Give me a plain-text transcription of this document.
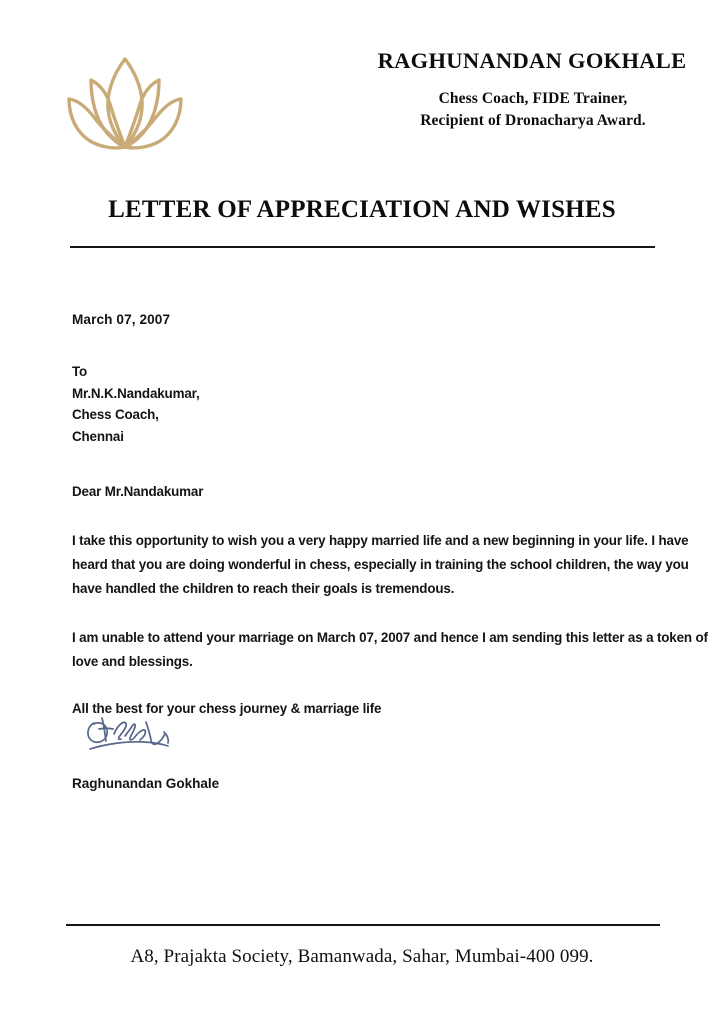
RAGHUNANDAN GOKHALE
Chess Coach, FIDE Trainer,
Recipient of Dronacharya Award.
LETTER OF APPRECIATION AND WISHES
March 07, 2007
To
Mr.N.K.Nandakumar,
Chess Coach,
Chennai
Dear Mr.Nandakumar

I take this opportunity to wish you a very happy married life and a new beginning in your life. I have heard that you are doing wonderful in chess, especially in training the school children, the way you have handled the children to reach their goals is tremendous.

I am unable to attend your marriage on March 07, 2007 and hence I am sending this letter as a token of love and blessings.

All the best for your chess journey & marriage life

Raghunandan Gokhale
A8, Prajakta Society, Bamanwada, Sahar, Mumbai-400 099.
